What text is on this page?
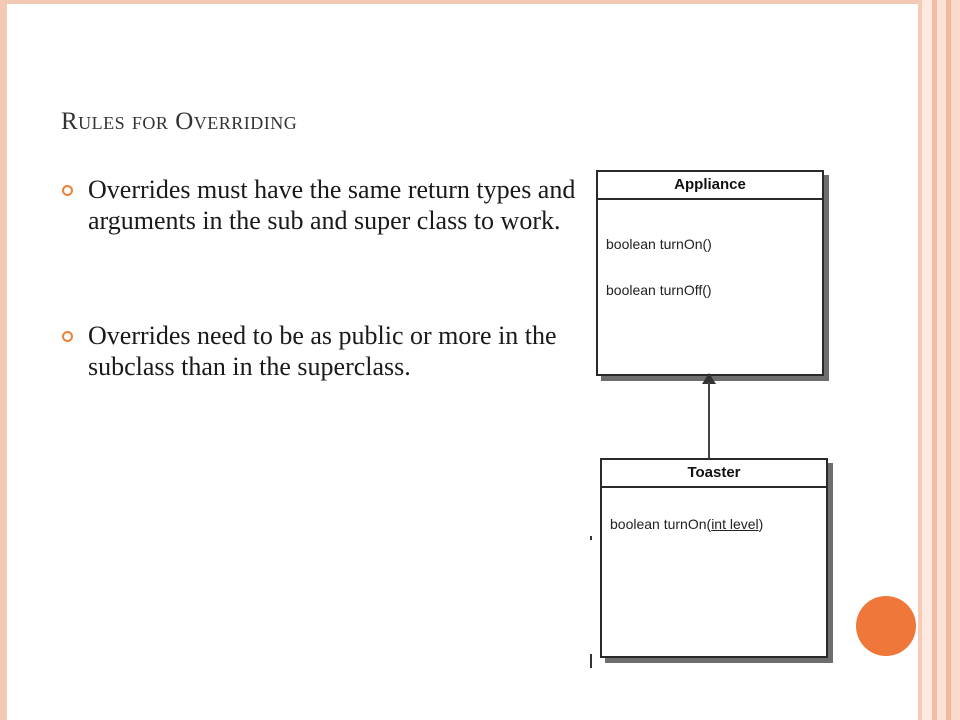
Rules for Overriding
Overrides must have the same return types and arguments in the sub and super class to work.
Overrides need to be as public or more in the subclass than in the superclass.
Appliance
boolean turnOn()
boolean turnOff()
Toaster
boolean turnOn(int level)
